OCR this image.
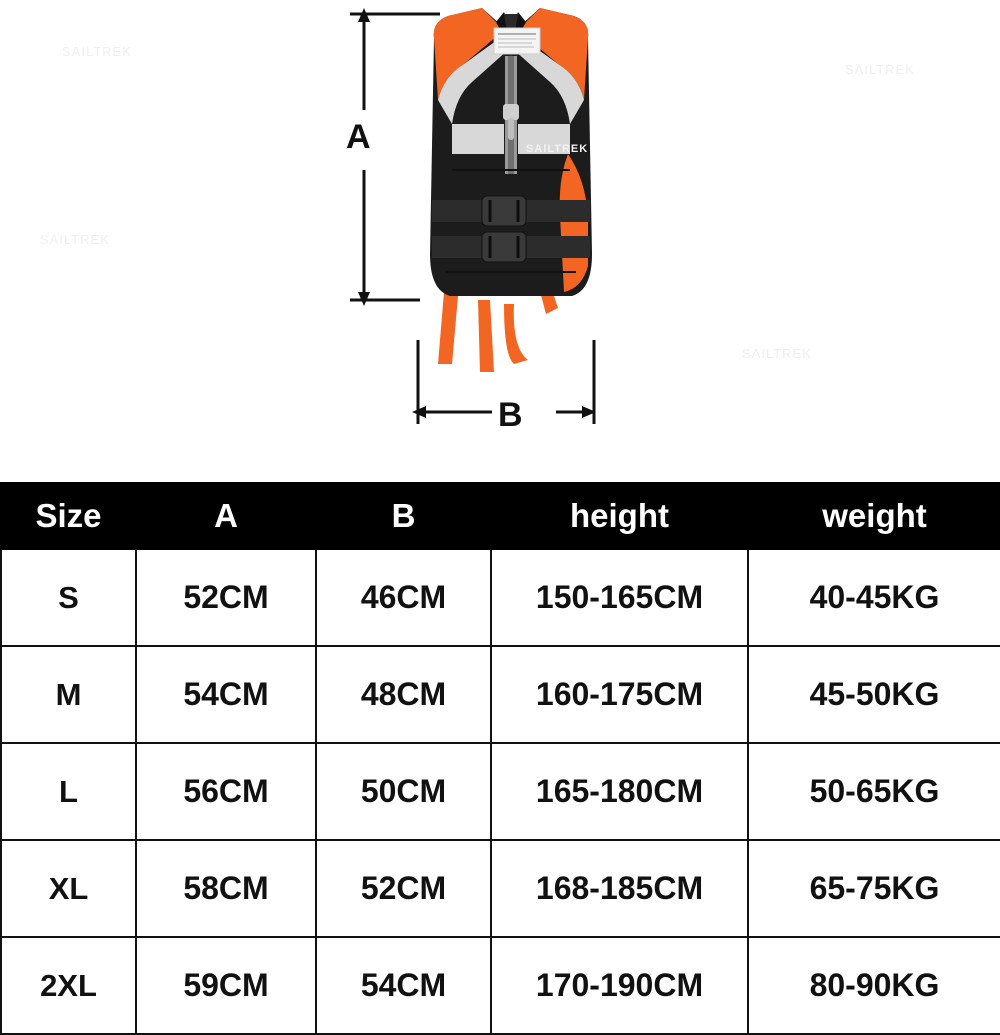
SAILTREK
SAILTREK
SAILTREK
SAILTREK
A
B
SAILTREK
Size	A	B	height	weight
S	52CM	46CM	150-165CM	40-45KG
M	54CM	48CM	160-175CM	45-50KG
L	56CM	50CM	165-180CM	50-65KG
XL	58CM	52CM	168-185CM	65-75KG
2XL	59CM	54CM	170-190CM	80-90KG
